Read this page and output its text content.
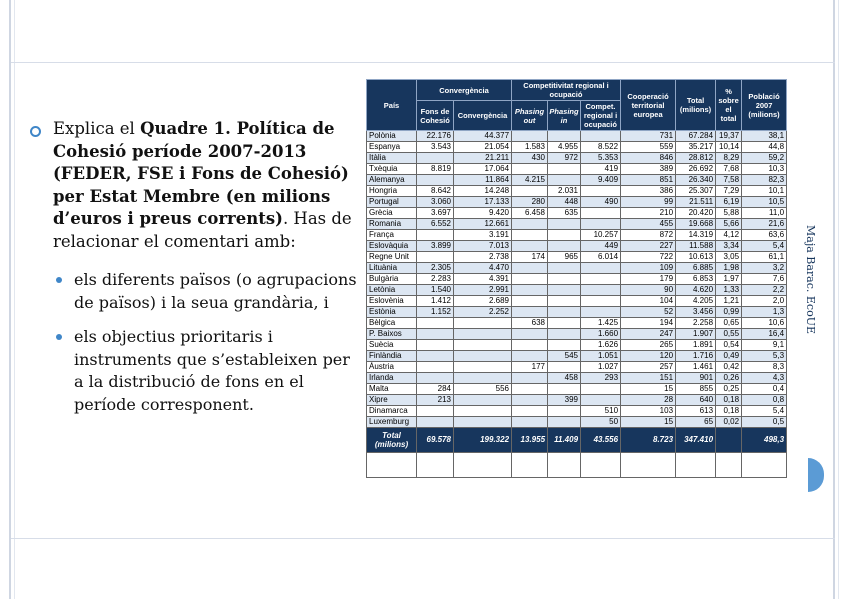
Explica el Quadre 1. Política de Cohesió període 2007-2013 (FEDER, FSE i Fons de Cohesió) per Estat Membre (en milions d’euros i preus corrents). Has de relacionar el comentari amb:
els diferents països (o agrupacions de països) i la seua grandària, i
els objectius prioritaris i instruments que s’estableixen per a la distribució de fons en el període corresponent.
País	Convergència		Competitivitat regional i ocupació			Cooperació territorial europea	Total (milions)	% sobre el total	Població 2007 (milions)
	Fons de Cohesió	Convergència	Phasing out	Phasing in	Compet. regional i ocupació				
Polònia	22.176	44.377				731	67.284	19,37	38,1
Espanya	3.543	21.054	1.583	4.955	8.522	559	35.217	10,14	44,8
Itàlia		21.211	430	972	5.353	846	28.812	8,29	59,2
Txèquia	8.819	17.064			419	389	26.692	7,68	10,3
Alemanya		11.864	4.215		9.409	851	26.340	7,58	82,3
Hongria	8.642	14.248		2.031		386	25.307	7,29	10,1
Portugal	3.060	17.133	280	448	490	99	21.511	6,19	10,5
Grècia	3.697	9.420	6.458	635		210	20.420	5,88	11,0
Romania	6.552	12.661				455	19.668	5,66	21,6
França		3.191			10.257	872	14.319	4,12	63,6
Eslovàquia	3.899	7.013			449	227	11.588	3,34	5,4
Regne Unit		2.738	174	965	6.014	722	10.613	3,05	61,1
Lituània	2.305	4.470				109	6.885	1,98	3,2
Bulgària	2.283	4.391				179	6.853	1,97	7,6
Letònia	1.540	2.991				90	4.620	1,33	2,2
Eslovènia	1.412	2.689				104	4.205	1,21	2,0
Estònia	1.152	2.252				52	3.456	0,99	1,3
Bèlgica			638		1.425	194	2.258	0,65	10,6
P. Baixos					1.660	247	1.907	0,55	16,4
Suècia					1.626	265	1.891	0,54	9,1
Finlàndia				545	1.051	120	1.716	0,49	5,3
Àustria			177		1.027	257	1.461	0,42	8,3
Irlanda				458	293	151	901	0,26	4,3
Malta	284	556				15	855	0,25	0,4
Xipre	213			399		28	640	0,18	0,8
Dinamarca					510	103	613	0,18	5,4
Luxemburg					50	15	65	0,02	0,5
Total (milions)	69.578	199.322	13.955	11.409	43.556	8.723	347.410		498,3
% s/ total	20,03	57,37	4,02	3,28	12,54	2,51	100	100	
Maja Barac. EcoUE
